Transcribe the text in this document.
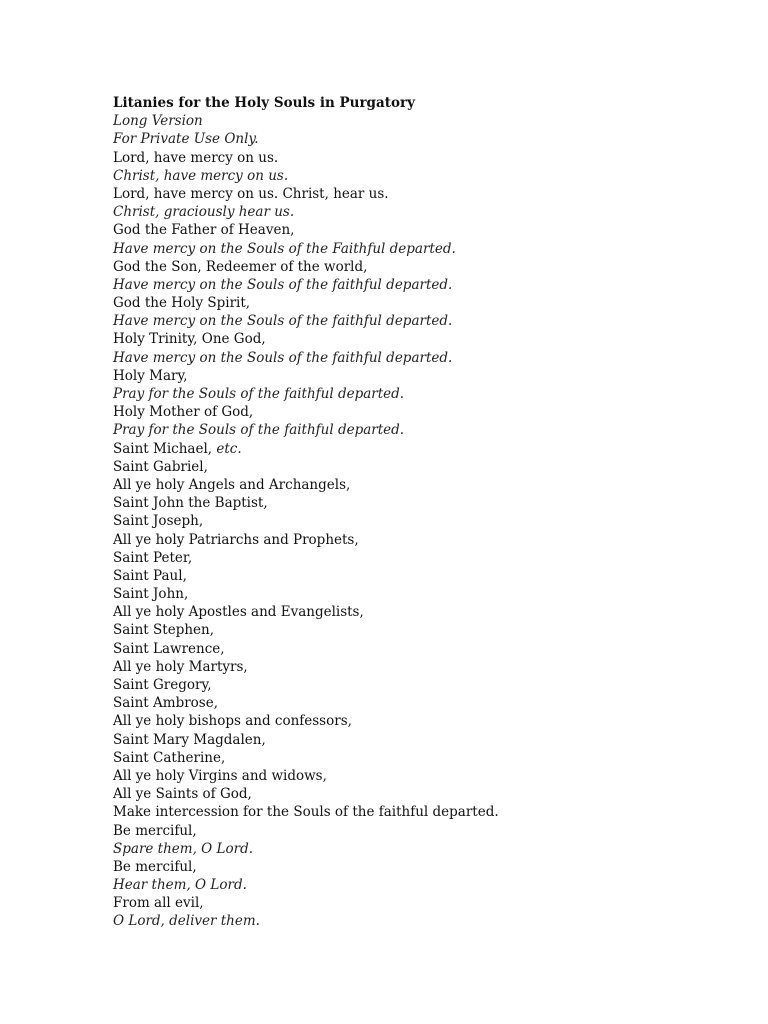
Litanies for the Holy Souls in Purgatory
Long Version
For Private Use Only.
Lord, have mercy on us.
Christ, have mercy on us.
Lord, have mercy on us. Christ, hear us.
Christ, graciously hear us.
God the Father of Heaven,
Have mercy on the Souls of the Faithful departed.
God the Son, Redeemer of the world,
Have mercy on the Souls of the faithful departed.
God the Holy Spirit,
Have mercy on the Souls of the faithful departed.
Holy Trinity, One God,
Have mercy on the Souls of the faithful departed.
Holy Mary,
Pray for the Souls of the faithful departed.
Holy Mother of God,
Pray for the Souls of the faithful departed.
Saint Michael, etc.
Saint Gabriel,
All ye holy Angels and Archangels,
Saint John the Baptist,
Saint Joseph,
All ye holy Patriarchs and Prophets,
Saint Peter,
Saint Paul,
Saint John,
All ye holy Apostles and Evangelists,
Saint Stephen,
Saint Lawrence,
All ye holy Martyrs,
Saint Gregory,
Saint Ambrose,
All ye holy bishops and confessors,
Saint Mary Magdalen,
Saint Catherine,
All ye holy Virgins and widows,
All ye Saints of God,
Make intercession for the Souls of the faithful departed.
Be merciful,
Spare them, O Lord.
Be merciful,
Hear them, O Lord.
From all evil,
O Lord, deliver them.
